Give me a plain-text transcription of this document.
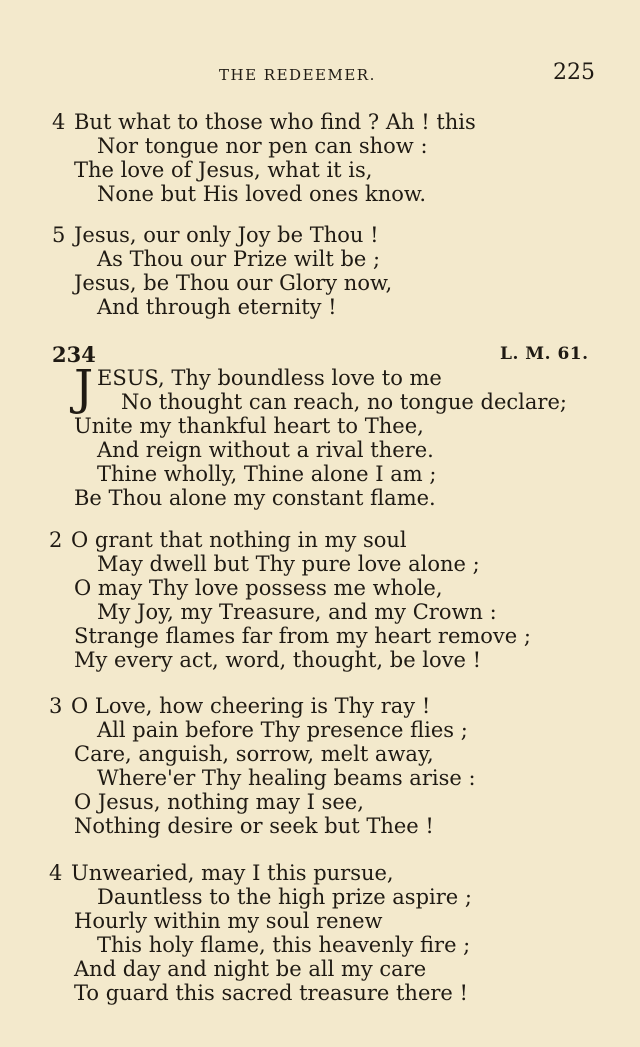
THE REDEEMER.	225
4 But what to those who find ? Ah ! this
Nor tongue nor pen can show :
The love of Jesus, what it is,
None but His loved ones know.
5 Jesus, our only Joy be Thou !
As Thou our Prize wilt be ;
Jesus, be Thou our Glory now,
And through eternity !
234	L. M. 61.
J ESUS, Thy boundless love to me
No thought can reach, no tongue declare;
Unite my thankful heart to Thee,
And reign without a rival there.
Thine wholly, Thine alone I am ;
Be Thou alone my constant flame.
2 O grant that nothing in my soul
May dwell but Thy pure love alone ;
O may Thy love possess me whole,
My Joy, my Treasure, and my Crown :
Strange flames far from my heart remove ;
My every act, word, thought, be love !
3 O Love, how cheering is Thy ray !
All pain before Thy presence flies ;
Care, anguish, sorrow, melt away,
Where'er Thy healing beams arise :
O Jesus, nothing may I see,
Nothing desire or seek but Thee !
4 Unwearied, may I this pursue,
Dauntless to the high prize aspire ;
Hourly within my soul renew
This holy flame, this heavenly fire ;
And day and night be all my care
To guard this sacred treasure there !
